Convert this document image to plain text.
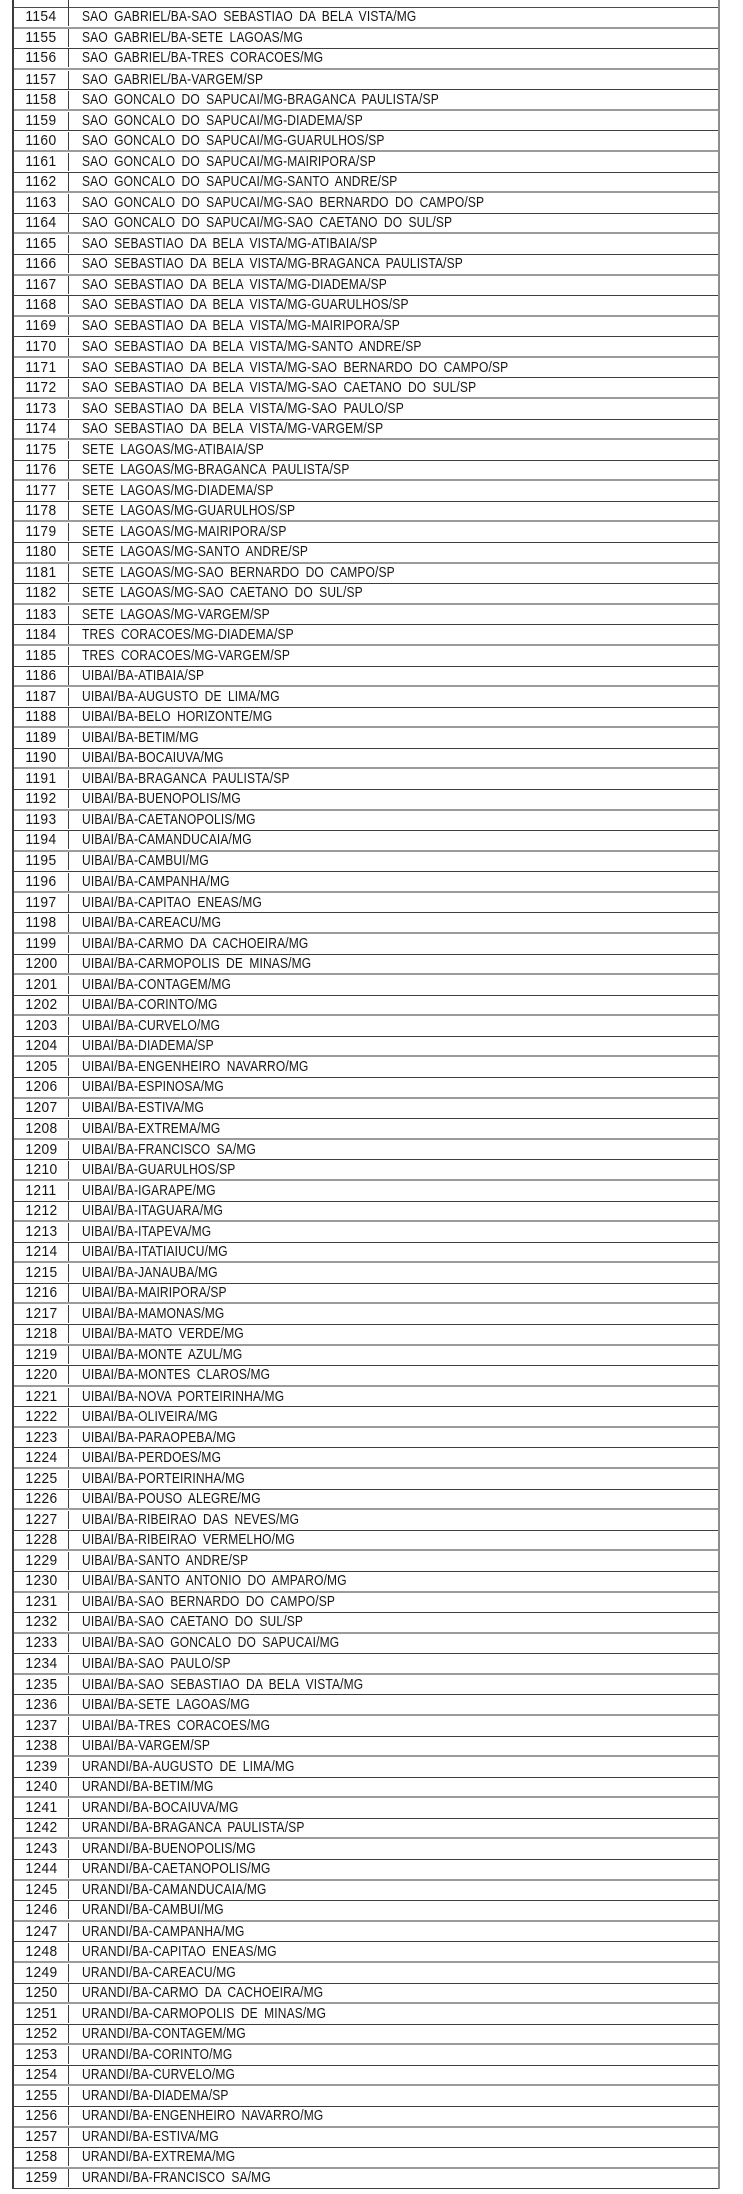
1154	SAO GABRIEL/BA-SAO SEBASTIAO DA BELA VISTA/MG
1155	SAO GABRIEL/BA-SETE LAGOAS/MG
1156	SAO GABRIEL/BA-TRES CORACOES/MG
1157	SAO GABRIEL/BA-VARGEM/SP
1158	SAO GONCALO DO SAPUCAI/MG-BRAGANCA PAULISTA/SP
1159	SAO GONCALO DO SAPUCAI/MG-DIADEMA/SP
1160	SAO GONCALO DO SAPUCAI/MG-GUARULHOS/SP
1161	SAO GONCALO DO SAPUCAI/MG-MAIRIPORA/SP
1162	SAO GONCALO DO SAPUCAI/MG-SANTO ANDRE/SP
1163	SAO GONCALO DO SAPUCAI/MG-SAO BERNARDO DO CAMPO/SP
1164	SAO GONCALO DO SAPUCAI/MG-SAO CAETANO DO SUL/SP
1165	SAO SEBASTIAO DA BELA VISTA/MG-ATIBAIA/SP
1166	SAO SEBASTIAO DA BELA VISTA/MG-BRAGANCA PAULISTA/SP
1167	SAO SEBASTIAO DA BELA VISTA/MG-DIADEMA/SP
1168	SAO SEBASTIAO DA BELA VISTA/MG-GUARULHOS/SP
1169	SAO SEBASTIAO DA BELA VISTA/MG-MAIRIPORA/SP
1170	SAO SEBASTIAO DA BELA VISTA/MG-SANTO ANDRE/SP
1171	SAO SEBASTIAO DA BELA VISTA/MG-SAO BERNARDO DO CAMPO/SP
1172	SAO SEBASTIAO DA BELA VISTA/MG-SAO CAETANO DO SUL/SP
1173	SAO SEBASTIAO DA BELA VISTA/MG-SAO PAULO/SP
1174	SAO SEBASTIAO DA BELA VISTA/MG-VARGEM/SP
1175	SETE LAGOAS/MG-ATIBAIA/SP
1176	SETE LAGOAS/MG-BRAGANCA PAULISTA/SP
1177	SETE LAGOAS/MG-DIADEMA/SP
1178	SETE LAGOAS/MG-GUARULHOS/SP
1179	SETE LAGOAS/MG-MAIRIPORA/SP
1180	SETE LAGOAS/MG-SANTO ANDRE/SP
1181	SETE LAGOAS/MG-SAO BERNARDO DO CAMPO/SP
1182	SETE LAGOAS/MG-SAO CAETANO DO SUL/SP
1183	SETE LAGOAS/MG-VARGEM/SP
1184	TRES CORACOES/MG-DIADEMA/SP
1185	TRES CORACOES/MG-VARGEM/SP
1186	UIBAI/BA-ATIBAIA/SP
1187	UIBAI/BA-AUGUSTO DE LIMA/MG
1188	UIBAI/BA-BELO HORIZONTE/MG
1189	UIBAI/BA-BETIM/MG
1190	UIBAI/BA-BOCAIUVA/MG
1191	UIBAI/BA-BRAGANCA PAULISTA/SP
1192	UIBAI/BA-BUENOPOLIS/MG
1193	UIBAI/BA-CAETANOPOLIS/MG
1194	UIBAI/BA-CAMANDUCAIA/MG
1195	UIBAI/BA-CAMBUI/MG
1196	UIBAI/BA-CAMPANHA/MG
1197	UIBAI/BA-CAPITAO ENEAS/MG
1198	UIBAI/BA-CAREACU/MG
1199	UIBAI/BA-CARMO DA CACHOEIRA/MG
1200	UIBAI/BA-CARMOPOLIS DE MINAS/MG
1201	UIBAI/BA-CONTAGEM/MG
1202	UIBAI/BA-CORINTO/MG
1203	UIBAI/BA-CURVELO/MG
1204	UIBAI/BA-DIADEMA/SP
1205	UIBAI/BA-ENGENHEIRO NAVARRO/MG
1206	UIBAI/BA-ESPINOSA/MG
1207	UIBAI/BA-ESTIVA/MG
1208	UIBAI/BA-EXTREMA/MG
1209	UIBAI/BA-FRANCISCO SA/MG
1210	UIBAI/BA-GUARULHOS/SP
1211	UIBAI/BA-IGARAPE/MG
1212	UIBAI/BA-ITAGUARA/MG
1213	UIBAI/BA-ITAPEVA/MG
1214	UIBAI/BA-ITATIAIUCU/MG
1215	UIBAI/BA-JANAUBA/MG
1216	UIBAI/BA-MAIRIPORA/SP
1217	UIBAI/BA-MAMONAS/MG
1218	UIBAI/BA-MATO VERDE/MG
1219	UIBAI/BA-MONTE AZUL/MG
1220	UIBAI/BA-MONTES CLAROS/MG
1221	UIBAI/BA-NOVA PORTEIRINHA/MG
1222	UIBAI/BA-OLIVEIRA/MG
1223	UIBAI/BA-PARAOPEBA/MG
1224	UIBAI/BA-PERDOES/MG
1225	UIBAI/BA-PORTEIRINHA/MG
1226	UIBAI/BA-POUSO ALEGRE/MG
1227	UIBAI/BA-RIBEIRAO DAS NEVES/MG
1228	UIBAI/BA-RIBEIRAO VERMELHO/MG
1229	UIBAI/BA-SANTO ANDRE/SP
1230	UIBAI/BA-SANTO ANTONIO DO AMPARO/MG
1231	UIBAI/BA-SAO BERNARDO DO CAMPO/SP
1232	UIBAI/BA-SAO CAETANO DO SUL/SP
1233	UIBAI/BA-SAO GONCALO DO SAPUCAI/MG
1234	UIBAI/BA-SAO PAULO/SP
1235	UIBAI/BA-SAO SEBASTIAO DA BELA VISTA/MG
1236	UIBAI/BA-SETE LAGOAS/MG
1237	UIBAI/BA-TRES CORACOES/MG
1238	UIBAI/BA-VARGEM/SP
1239	URANDI/BA-AUGUSTO DE LIMA/MG
1240	URANDI/BA-BETIM/MG
1241	URANDI/BA-BOCAIUVA/MG
1242	URANDI/BA-BRAGANCA PAULISTA/SP
1243	URANDI/BA-BUENOPOLIS/MG
1244	URANDI/BA-CAETANOPOLIS/MG
1245	URANDI/BA-CAMANDUCAIA/MG
1246	URANDI/BA-CAMBUI/MG
1247	URANDI/BA-CAMPANHA/MG
1248	URANDI/BA-CAPITAO ENEAS/MG
1249	URANDI/BA-CAREACU/MG
1250	URANDI/BA-CARMO DA CACHOEIRA/MG
1251	URANDI/BA-CARMOPOLIS DE MINAS/MG
1252	URANDI/BA-CONTAGEM/MG
1253	URANDI/BA-CORINTO/MG
1254	URANDI/BA-CURVELO/MG
1255	URANDI/BA-DIADEMA/SP
1256	URANDI/BA-ENGENHEIRO NAVARRO/MG
1257	URANDI/BA-ESTIVA/MG
1258	URANDI/BA-EXTREMA/MG
1259	URANDI/BA-FRANCISCO SA/MG
